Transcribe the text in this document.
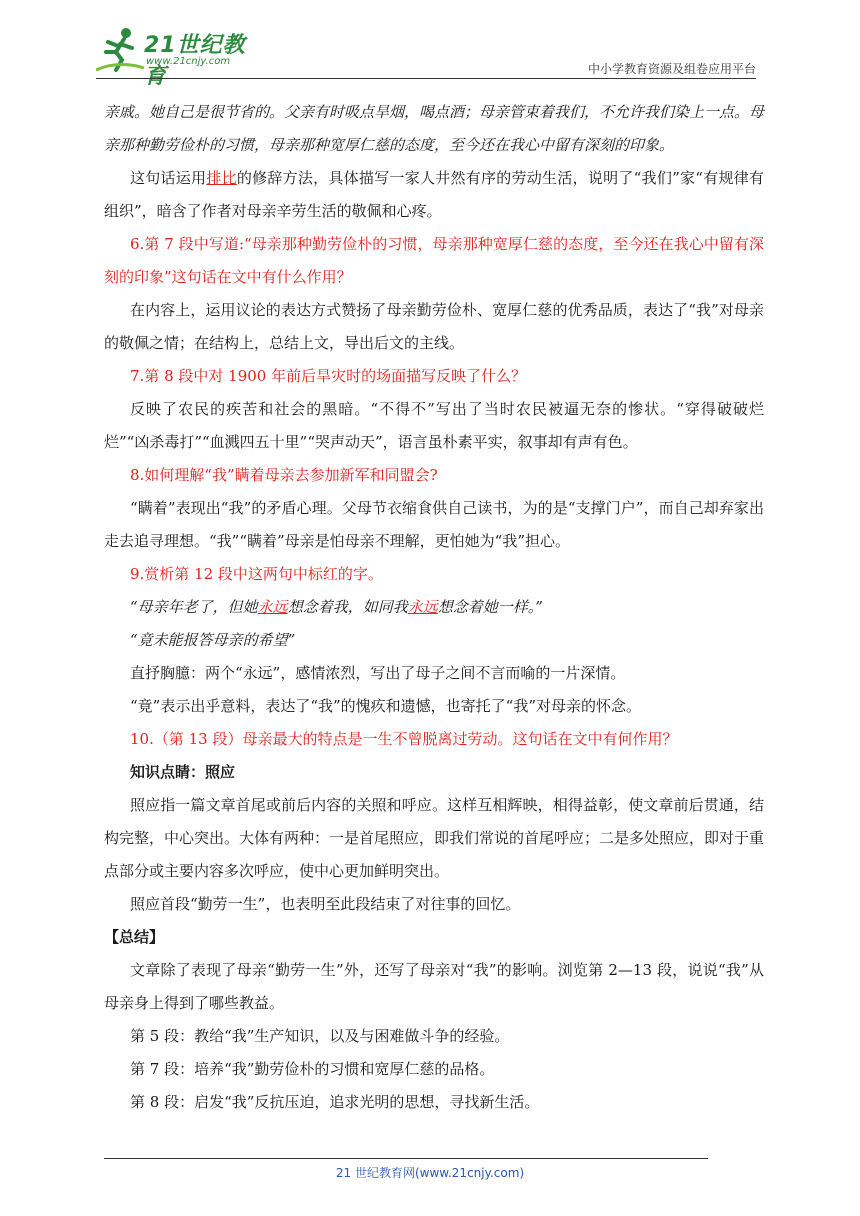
21世纪教育
www.21cnjy.com
中小学教育资源及组卷应用平台

亲戚。她自己是很节省的。父亲有时吸点旱烟，喝点酒；母亲管束着我们，不允许我们染上一点。母亲那种勤劳俭朴的习惯，母亲那种宽厚仁慈的态度，至今还在我心中留有深刻的印象。

这句话运用排比的修辞方法，具体描写一家人井然有序的劳动生活，说明了“我们”家“有规律有组织”，暗含了作者对母亲辛劳生活的敬佩和心疼。

6.第 7 段中写道:“母亲那种勤劳俭朴的习惯，母亲那种宽厚仁慈的态度，至今还在我心中留有深刻的印象”这句话在文中有什么作用？

在内容上，运用议论的表达方式赞扬了母亲勤劳俭朴、宽厚仁慈的优秀品质，表达了“我”对母亲的敬佩之情；在结构上，总结上文，导出后文的主线。

7.第 8 段中对 1900 年前后旱灾时的场面描写反映了什么？

反映了农民的疾苦和社会的黑暗。“不得不”写出了当时农民被逼无奈的惨状。“穿得破破烂烂”“凶杀毒打”“血溅四五十里”“哭声动天”，语言虽朴素平实，叙事却有声有色。

8.如何理解“我”瞒着母亲去参加新军和同盟会?

“瞒着”表现出“我”的矛盾心理。父母节衣缩食供自己读书，为的是“支撑门户”，而自己却弃家出走去追寻理想。“我”“瞒着”母亲是怕母亲不理解，更怕她为“我”担心。

9.赏析第 12 段中这两句中标红的字。

“母亲年老了，但她永远想念着我，如同我永远想念着她一样。”

“竟未能报答母亲的希望”

直抒胸臆：两个“永远”，感情浓烈，写出了母子之间不言而喻的一片深情。

“竟”表示出乎意料，表达了“我”的愧疚和遗憾，也寄托了“我”对母亲的怀念。

10.（第 13 段）母亲最大的特点是一生不曾脱离过劳动。这句话在文中有何作用？

知识点睛：照应

照应指一篇文章首尾或前后内容的关照和呼应。这样互相辉映，相得益彰，使文章前后贯通，结构完整，中心突出。大体有两种：一是首尾照应，即我们常说的首尾呼应；二是多处照应，即对于重点部分或主要内容多次呼应，使中心更加鲜明突出。

照应首段“勤劳一生”，也表明至此段结束了对往事的回忆。

【总结】

文章除了表现了母亲“勤劳一生”外，还写了母亲对“我”的影响。浏览第 2—13 段，说说“我”从母亲身上得到了哪些教益。

第 5 段：教给“我”生产知识，以及与困难做斗争的经验。

第 7 段：培养“我”勤劳俭朴的习惯和宽厚仁慈的品格。

第 8 段：启发“我”反抗压迫，追求光明的思想，寻找新生活。

21 世纪教育网(www.21cnjy.com)
